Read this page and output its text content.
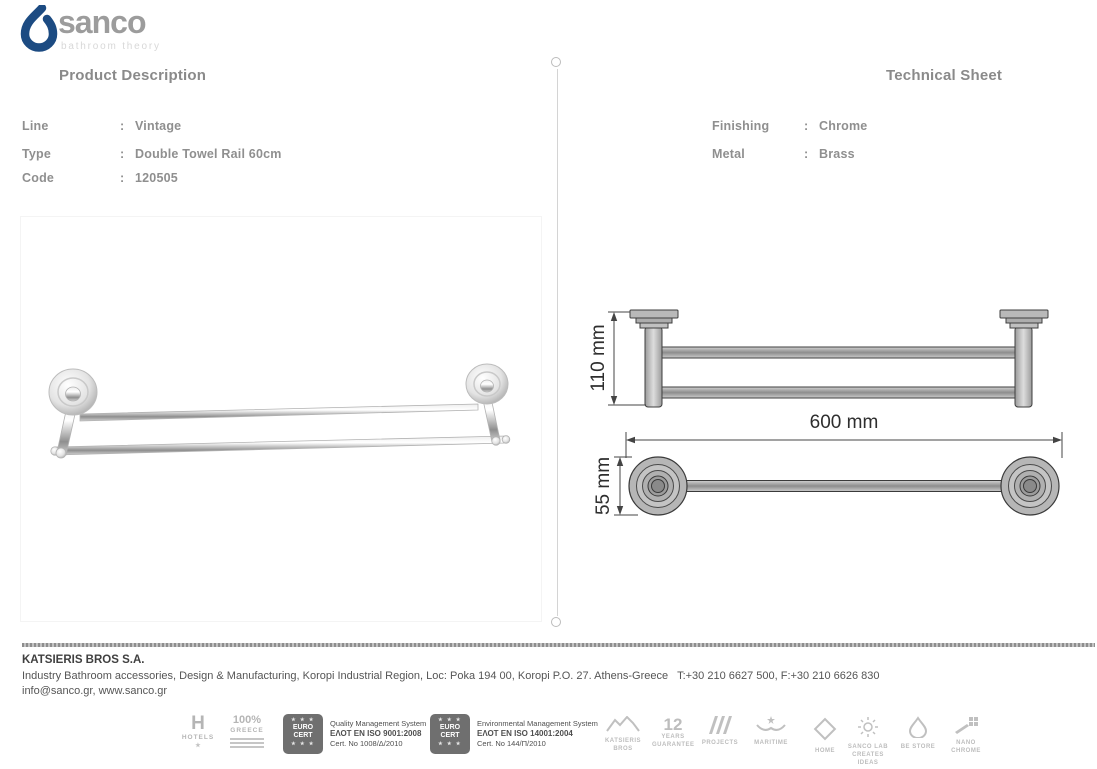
sanco
bathroom theory
Product Description	Technical Sheet
Line	: Vintage
Type	: Double Towel Rail 60cm
Code	: 120505
Finishing	: Chrome
Metal	: Brass
110 mm
600 mm
55 mm
KATSIERIS BROS S.A.
Industry Bathroom accessories, Design & Manufacturing, Koropi Industrial Region, Loc: Poka 194 00, Koropi P.O. 27. Athens-Greece   T:+30 210 6627 500, F:+30 210 6626 830
info@sanco.gr, www.sanco.gr
H
HOTELS
★
100%
GREECE
★ ★ ★
EURO
CERT
★ ★ ★
Quality Management System
ΕΛΟΤ EN ISO 9001:2008
Cert. No 1008/Δ/2010
★ ★ ★
EURO
CERT
★ ★ ★
Environmental Management System
ΕΛΟΤ EN ISO 14001:2004
Cert. No 144/Π/2010	KATSIERIS
BROS
12
YEARS
GUARANTEE	PROJECTS	MARITIME
HOME
SANCO LAB
CREATES IDEAS
BE STORE
NANO
CHROME
